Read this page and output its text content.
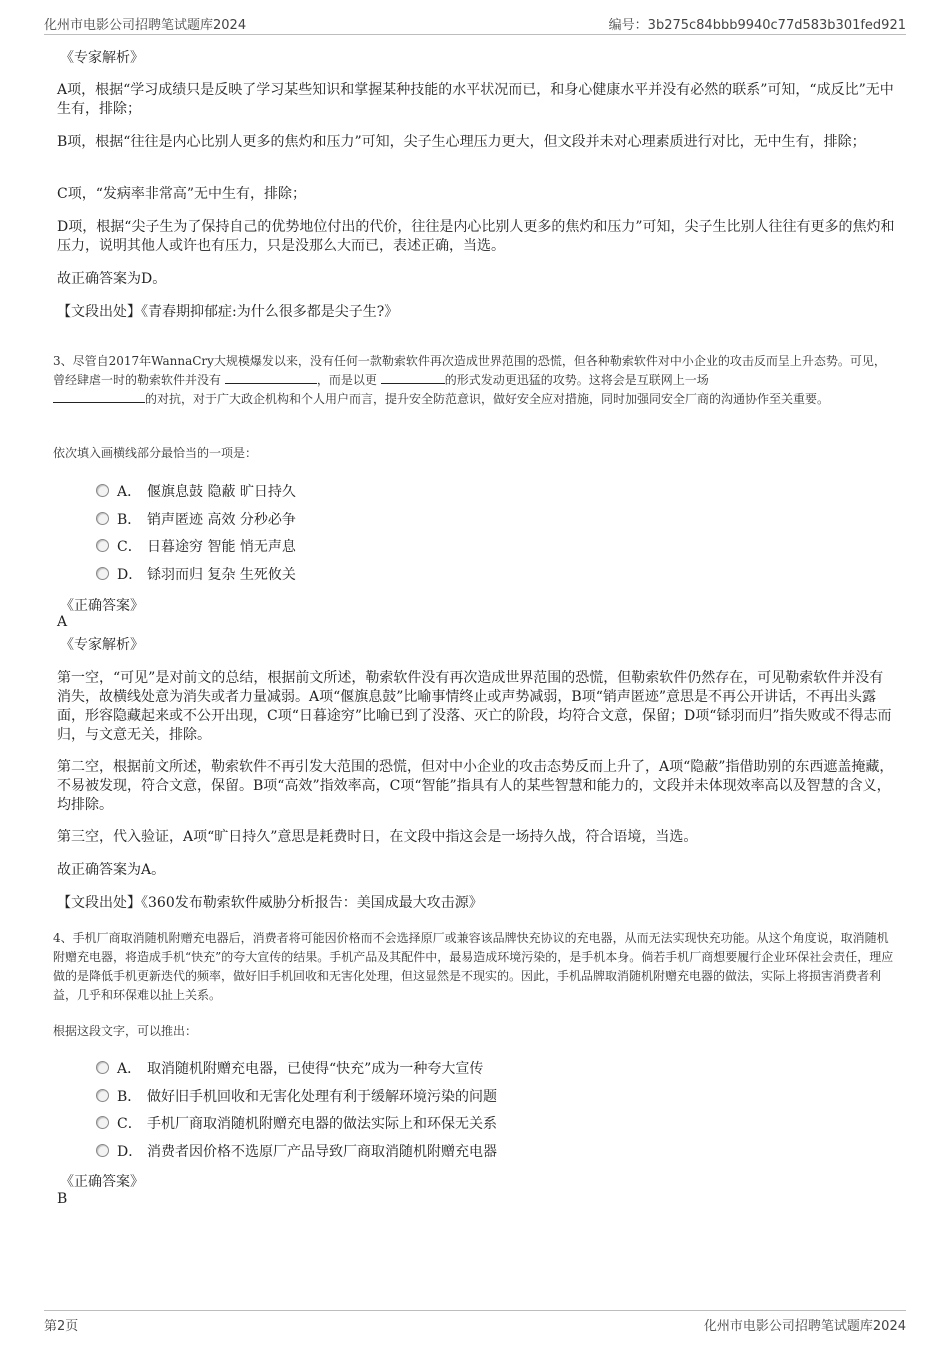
化州市电影公司招聘笔试题库2024	编号：3b275c84bbb9940c77d583b301fed921

《专家解析》

A项，根据“学习成绩只是反映了学习某些知识和掌握某种技能的水平状况而已，和身心健康水平并没有必然的联系”可知，“成反比”无中生有，排除；

B项，根据“往往是内心比别人更多的焦灼和压力”可知，尖子生心理压力更大，但文段并未对心理素质进行对比，无中生有，排除；

C项，“发病率非常高”无中生有，排除；

D项，根据“尖子生为了保持自己的优势地位付出的代价，往往是内心比别人更多的焦灼和压力”可知，尖子生比别人往往有更多的焦灼和压力，说明其他人或许也有压力，只是没那么大而已，表述正确，当选。

故正确答案为D。

【文段出处】《青春期抑郁症:为什么很多都是尖子生?》

3、尽管自2017年WannaCry大规模爆发以来，没有任何一款勒索软件再次造成世界范围的恐慌，但各种勒索软件对中小企业的攻击反而呈上升态势。可见，曾经肆虐一时的勒索软件并没有	，而是以更	的形式发动更迅猛的攻势。这将会是互联网上一场
的对抗，对于广大政企机构和个人用户而言，提升安全防范意识，做好安全应对措施，同时加强同安全厂商的沟通协作至关重要。

依次填入画横线部分最恰当的一项是：

A． 偃旗息鼓 隐蔽 旷日持久
B． 销声匿迹 高效 分秒必争
C． 日暮途穷 智能 悄无声息
D． 铩羽而归 复杂 生死攸关

《正确答案》

A

《专家解析》

第一空，“可见”是对前文的总结，根据前文所述，勒索软件没有再次造成世界范围的恐慌，但勒索软件仍然存在，可见勒索软件并没有消失，故横线处意为消失或者力量减弱。A项“偃旗息鼓”比喻事情终止或声势减弱，B项“销声匿迹”意思是不再公开讲话，不再出头露面，形容隐藏起来或不公开出现，C项“日暮途穷”比喻已到了没落、灭亡的阶段，均符合文意，保留；D项“铩羽而归”指失败或不得志而归，与文意无关，排除。

第二空，根据前文所述，勒索软件不再引发大范围的恐慌，但对中小企业的攻击态势反而上升了，A项“隐蔽”指借助别的东西遮盖掩藏，不易被发现，符合文意，保留。B项“高效”指效率高，C项“智能”指具有人的某些智慧和能力的，文段并未体现效率高以及智慧的含义，均排除。

第三空，代入验证，A项“旷日持久”意思是耗费时日，在文段中指这会是一场持久战，符合语境，当选。

故正确答案为A。

【文段出处】《360发布勒索软件威胁分析报告：美国成最大攻击源》

4、手机厂商取消随机附赠充电器后，消费者将可能因价格而不会选择原厂或兼容该品牌快充协议的充电器，从而无法实现快充功能。从这个角度说，取消随机附赠充电器，将造成手机“快充”的夸大宣传的结果。手机产品及其配件中，最易造成环境污染的，是手机本身。倘若手机厂商想要履行企业环保社会责任，理应做的是降低手机更新迭代的频率，做好旧手机回收和无害化处理，但这显然是不现实的。因此，手机品牌取消随机附赠充电器的做法，实际上将损害消费者利益，几乎和环保难以扯上关系。

根据这段文字，可以推出：

A． 取消随机附赠充电器，已使得“快充”成为一种夸大宣传
B． 做好旧手机回收和无害化处理有利于缓解环境污染的问题
C． 手机厂商取消随机附赠充电器的做法实际上和环保无关系
D． 消费者因价格不选原厂产品导致厂商取消随机附赠充电器

《正确答案》

B
第2页	化州市电影公司招聘笔试题库2024
